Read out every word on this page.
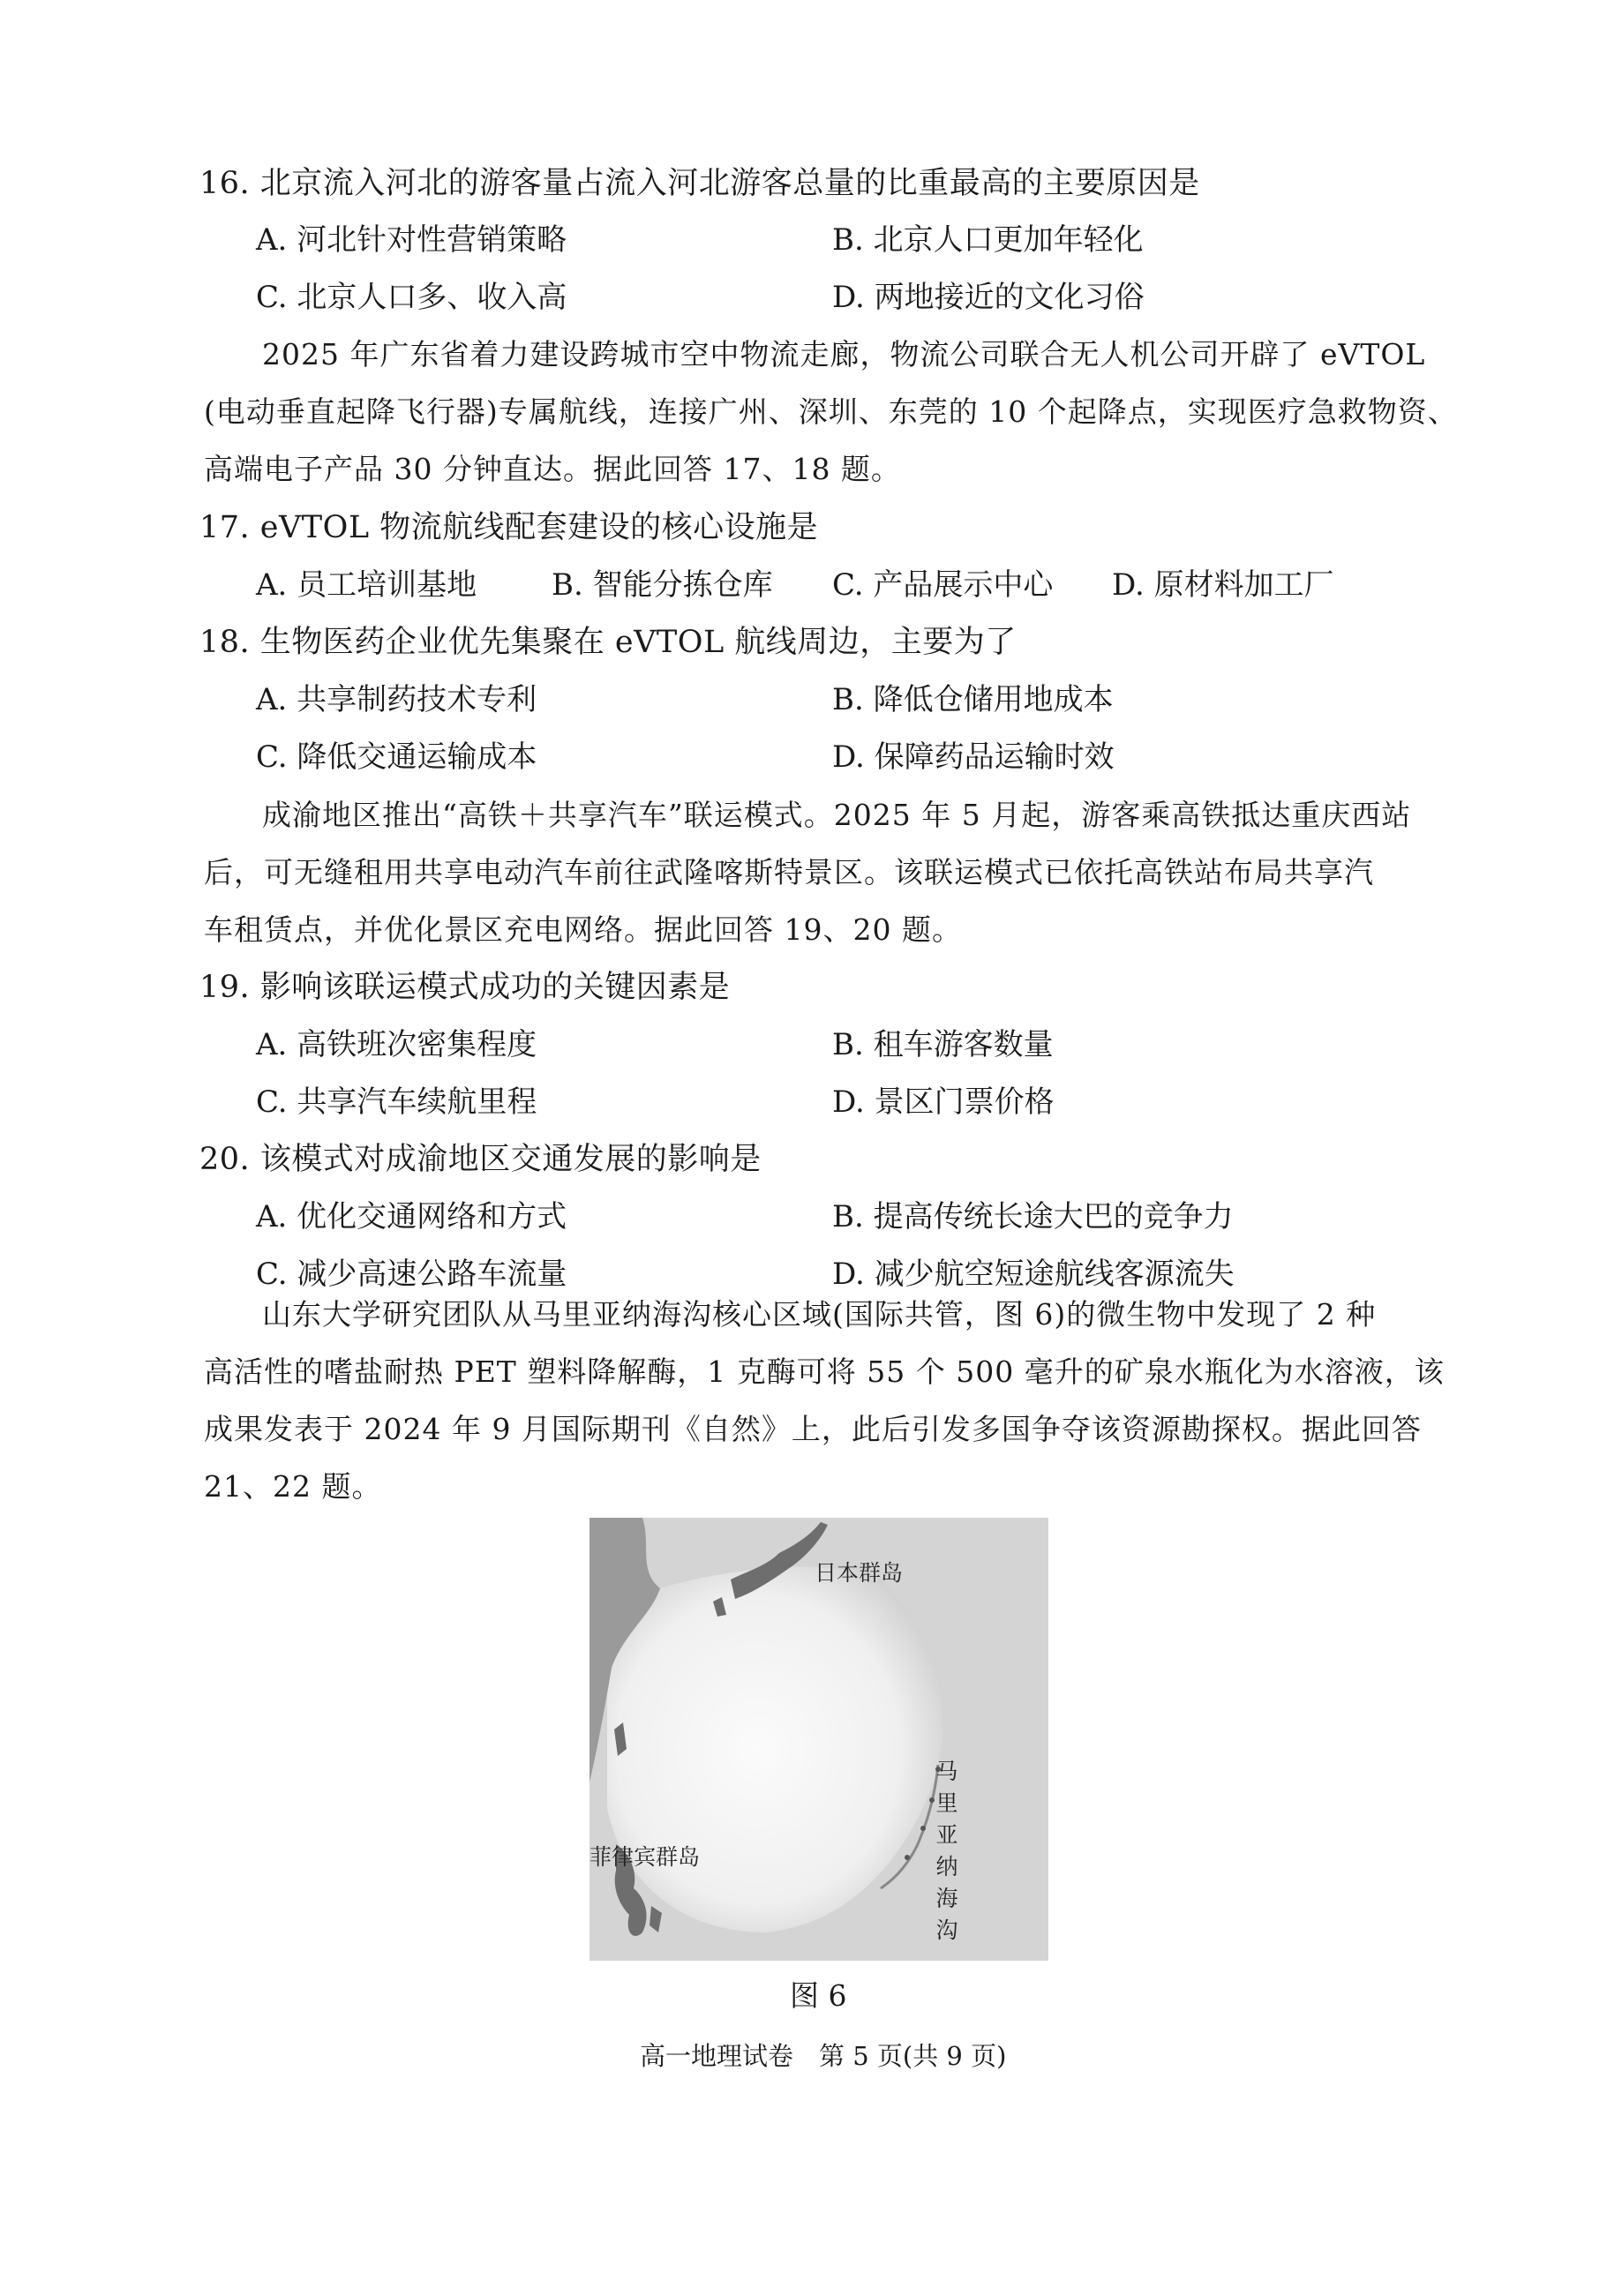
16. 北京流入河北的游客量占流入河北游客总量的比重最高的主要原因是
A. 河北针对性营销策略	B. 北京人口更加年轻化
C. 北京人口多、收入高	D. 两地接近的文化习俗
2025 年广东省着力建设跨城市空中物流走廊，物流公司联合无人机公司开辟了 eVTOL
(电动垂直起降飞行器)专属航线，连接广州、深圳、东莞的 10 个起降点，实现医疗急救物资、
高端电子产品 30 分钟直达。据此回答 17、18 题。
17. eVTOL 物流航线配套建设的核心设施是
A. 员工培训基地 B. 智能分拣仓库 C. 产品展示中心 D. 原材料加工厂
18. 生物医药企业优先集聚在 eVTOL 航线周边，主要为了
A. 共享制药技术专利	B. 降低仓储用地成本
C. 降低交通运输成本	D. 保障药品运输时效
成渝地区推出“高铁＋共享汽车”联运模式。2025 年 5 月起，游客乘高铁抵达重庆西站
后，可无缝租用共享电动汽车前往武隆喀斯特景区。该联运模式已依托高铁站布局共享汽
车租赁点，并优化景区充电网络。据此回答 19、20 题。
19. 影响该联运模式成功的关键因素是
A. 高铁班次密集程度	B. 租车游客数量
C. 共享汽车续航里程	D. 景区门票价格
20. 该模式对成渝地区交通发展的影响是
A. 优化交通网络和方式	B. 提高传统长途大巴的竞争力
C. 减少高速公路车流量	D. 减少航空短途航线客源流失
山东大学研究团队从马里亚纳海沟核心区域(国际共管，图 6)的微生物中发现了 2 种
高活性的嗜盐耐热 PET 塑料降解酶，1 克酶可将 55 个 500 毫升的矿泉水瓶化为水溶液，该
成果发表于 2024 年 9 月国际期刊《自然》上，此后引发多国争夺该资源勘探权。据此回答
21、22 题。
日本群岛
菲律宾群岛
马里亚纳海沟
图 6
高一地理试卷　第 5 页(共 9 页)
